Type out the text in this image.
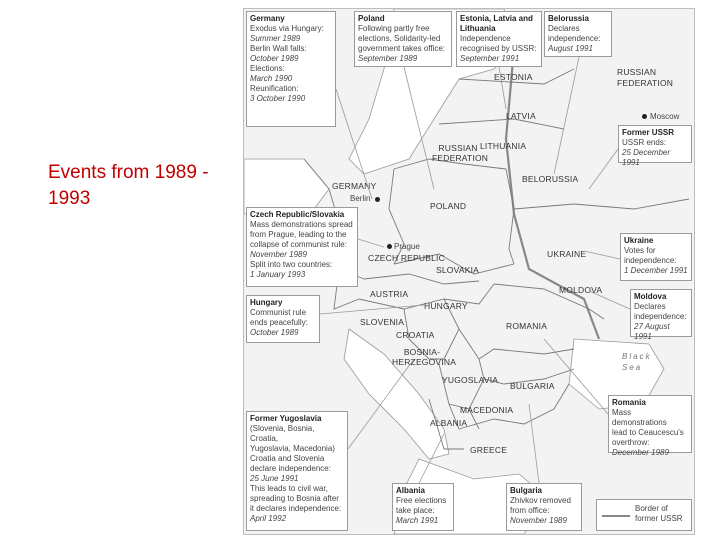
Events from 1989 - 1993
RUSSIAN FEDERATION
ESTONIA
LATVIA
LITHUANIA
RUSSIAN FEDERATION
BELORUSSIA
GERMANY
POLAND
CZECH REPUBLIC
SLOVAKIA
UKRAINE
MOLDOVA
AUSTRIA
HUNGARY
SLOVENIA
CROATIA
ROMANIA
BOSNIA-HERZEGOVINA
YUGOSLAVIA
BULGARIA
MACEDONIA
ALBANIA
GREECE
Berlin
Prague
Moscow
Black Sea
Germany
Exodus via Hungary:
Summer 1989
Berlin Wall falls:
October 1989
Elections:
March 1990
Reunification:
3 October 1990
Poland
Following partly free
elections, Solidarity-led
government takes office:
September 1989
Estonia, Latvia and Lithuania
Independence
recognised by USSR:
September 1991
Belorussia
Declares
independence:
August 1991
Former USSR
USSR ends:
25 December 1991
Czech Republic/Slovakia
Mass demonstrations spread
from Prague, leading to the
collapse of communist rule:
November 1989
Split into two countries:
1 January 1993
Ukraine
Votes for
independence:
1 December 1991
Hungary
Communist rule
ends peacefully:
October 1989
Moldova
Declares
independence:
27 August 1991
Romania
Mass demonstrations
lead to Ceaucescu's
overthrow:
December 1989
Former Yugoslavia
(Slovenia, Bosnia, Croatia,
Yugoslavia, Macedonia)
Croatia and Slovenia
declare independence:
25 June 1991
This leads to civil war,
spreading to Bosnia after
it declares independence:
April 1992
Albania
Free elections
take place:
March 1991
Bulgaria
Zhivkov removed
from office:
November 1989
Border of former USSR
